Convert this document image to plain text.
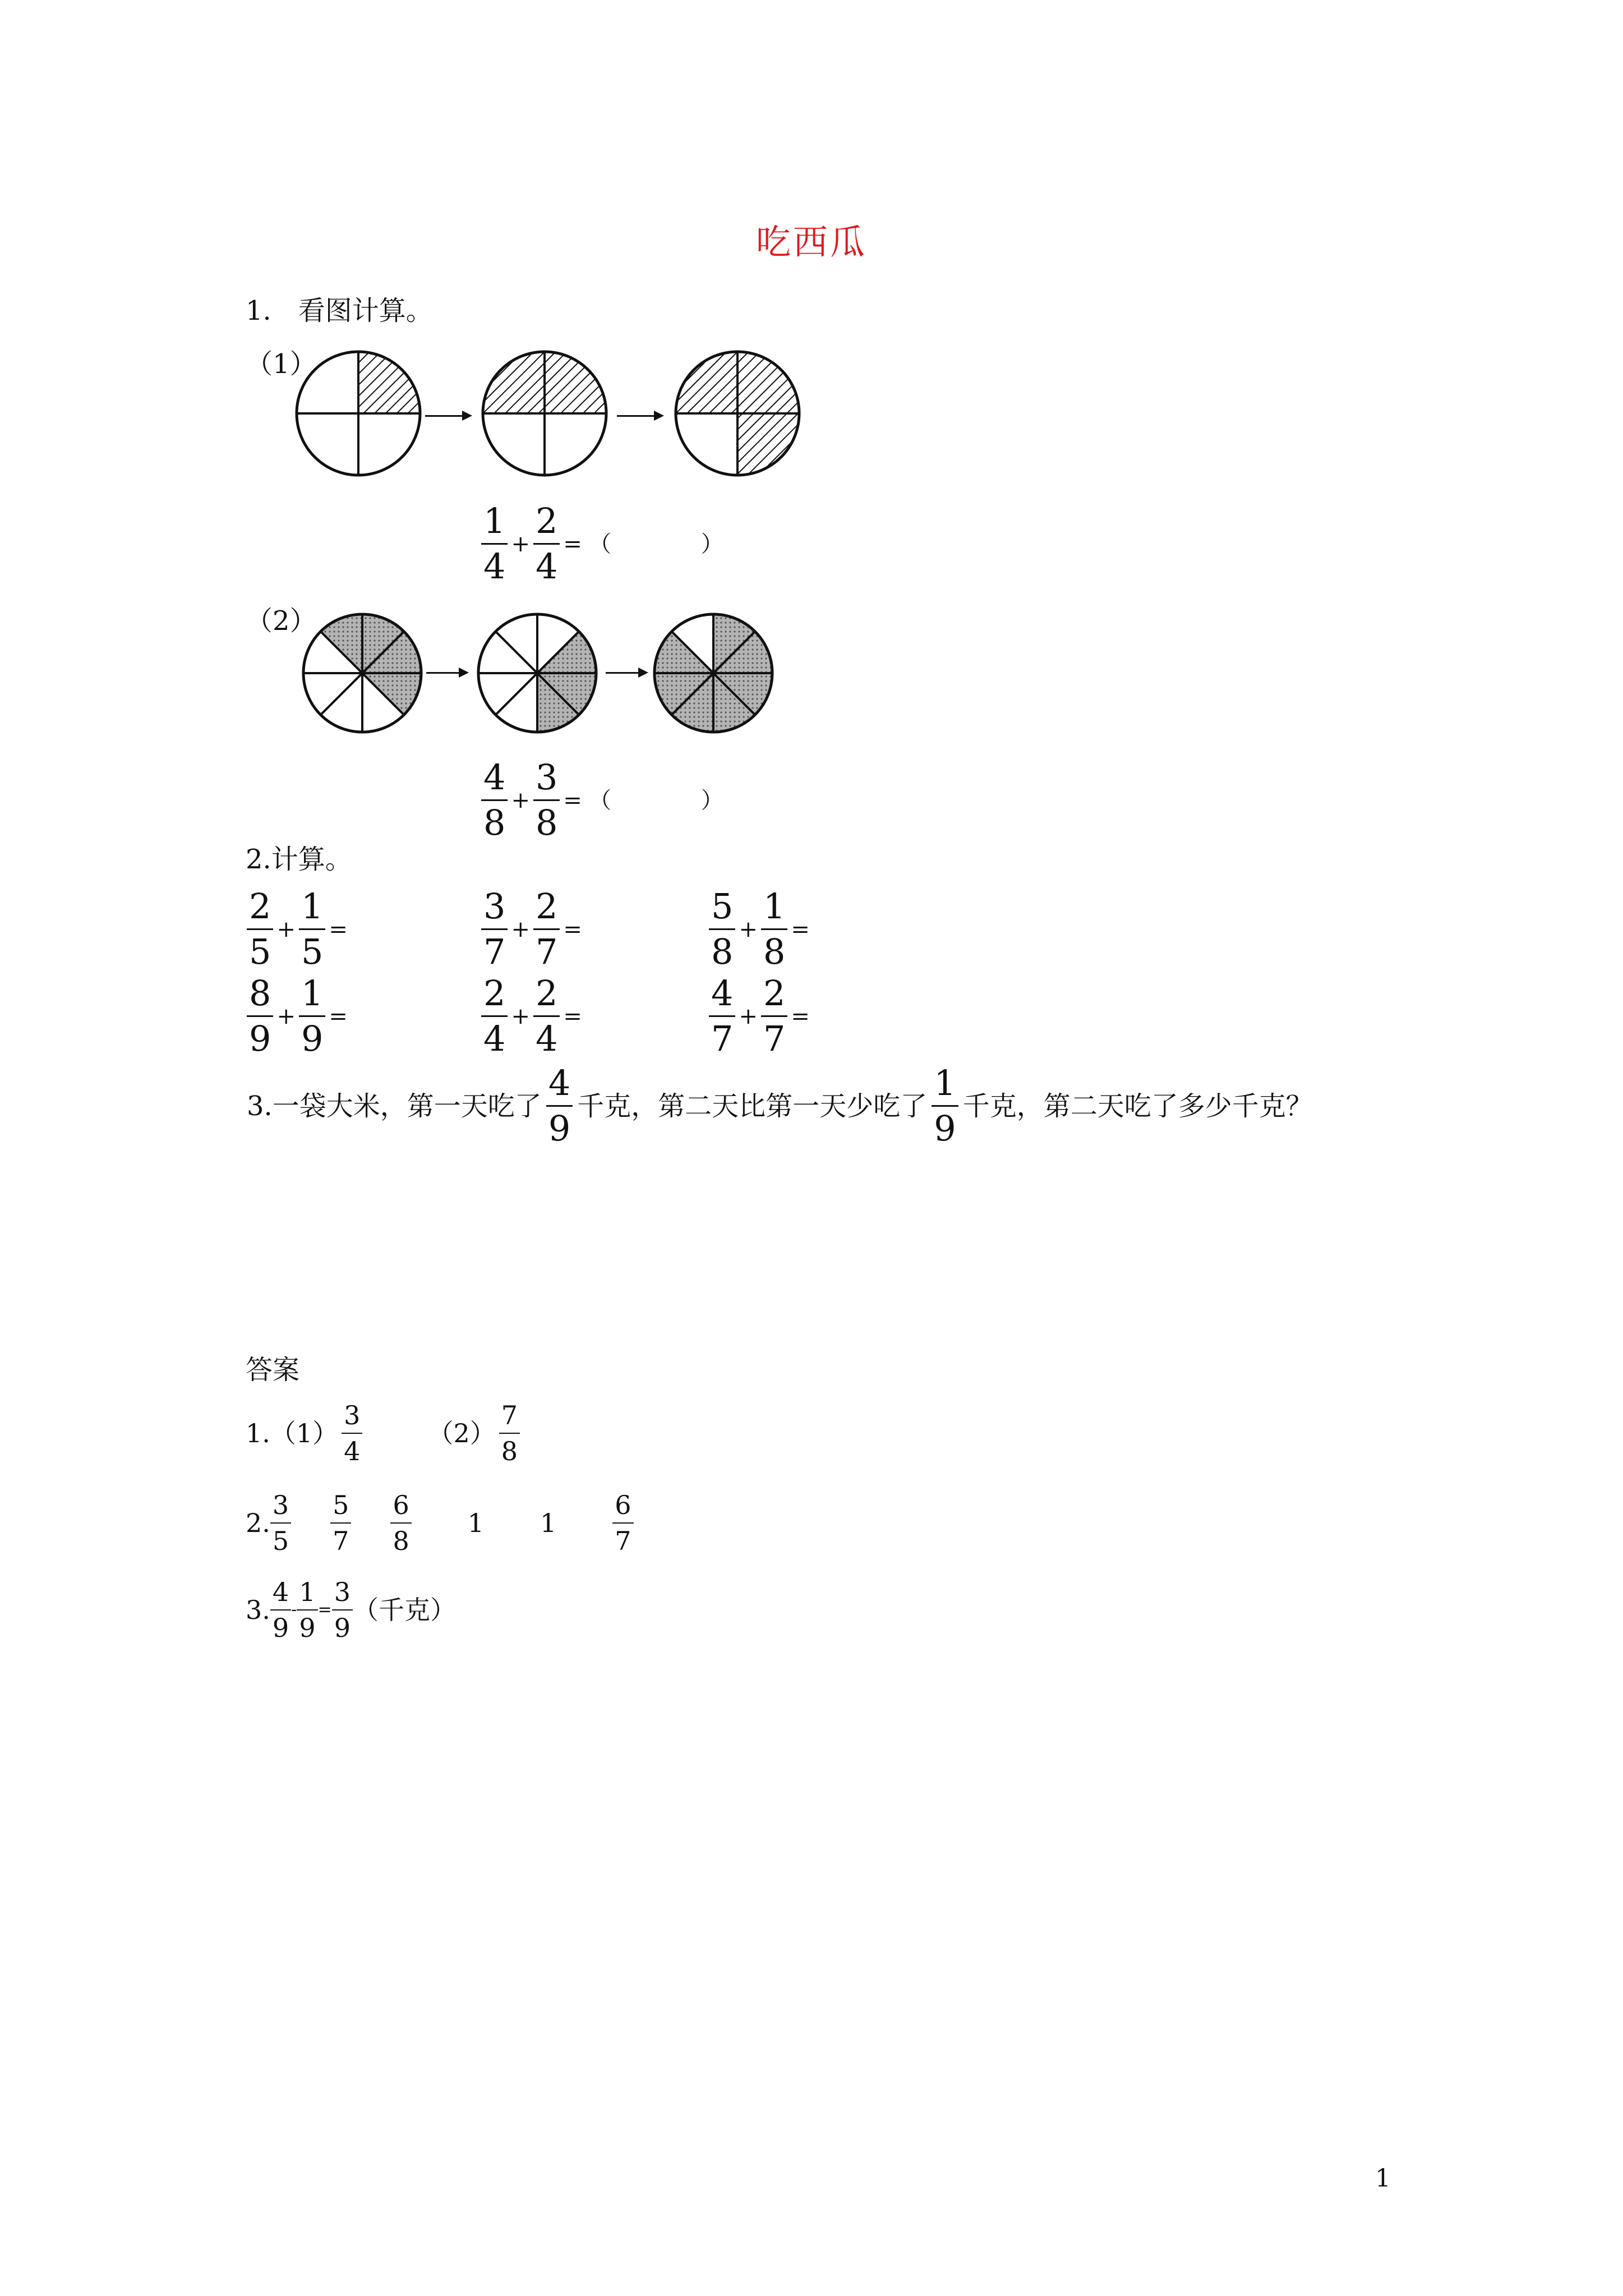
吃西瓜
1.　看图计算。
（1）
$\frac{1}{4} + \frac{2}{4}$ = （　　　　）
（2）
$\frac{4}{8} + \frac{3}{8}$ = （　　　　）
2.计算。
$\frac{2}{5} + \frac{1}{5}$ =	$\frac{3}{7} + \frac{2}{7}$ =	$\frac{5}{8} + \frac{1}{8}$ =
$\frac{8}{9} + \frac{1}{9}$ =	$\frac{2}{4} + \frac{2}{4}$ =	$\frac{4}{7} + \frac{2}{7}$ =
3.一袋大米，第一天吃了 $\frac{4}{9}$ 千克，第二天比第一天少吃了 $\frac{1}{9}$ 千克，第二天吃了多少千克？
答案
$1.(1) \frac{3}{4}$	$(2) \frac{7}{8}$
2. $\frac{3}{5} \frac{5}{7} \frac{6}{8} 1$ $1 \frac{6}{7}$
3. $\frac{4}{9} - \frac{1}{9} = \frac{3}{9}$ （千克）
1
